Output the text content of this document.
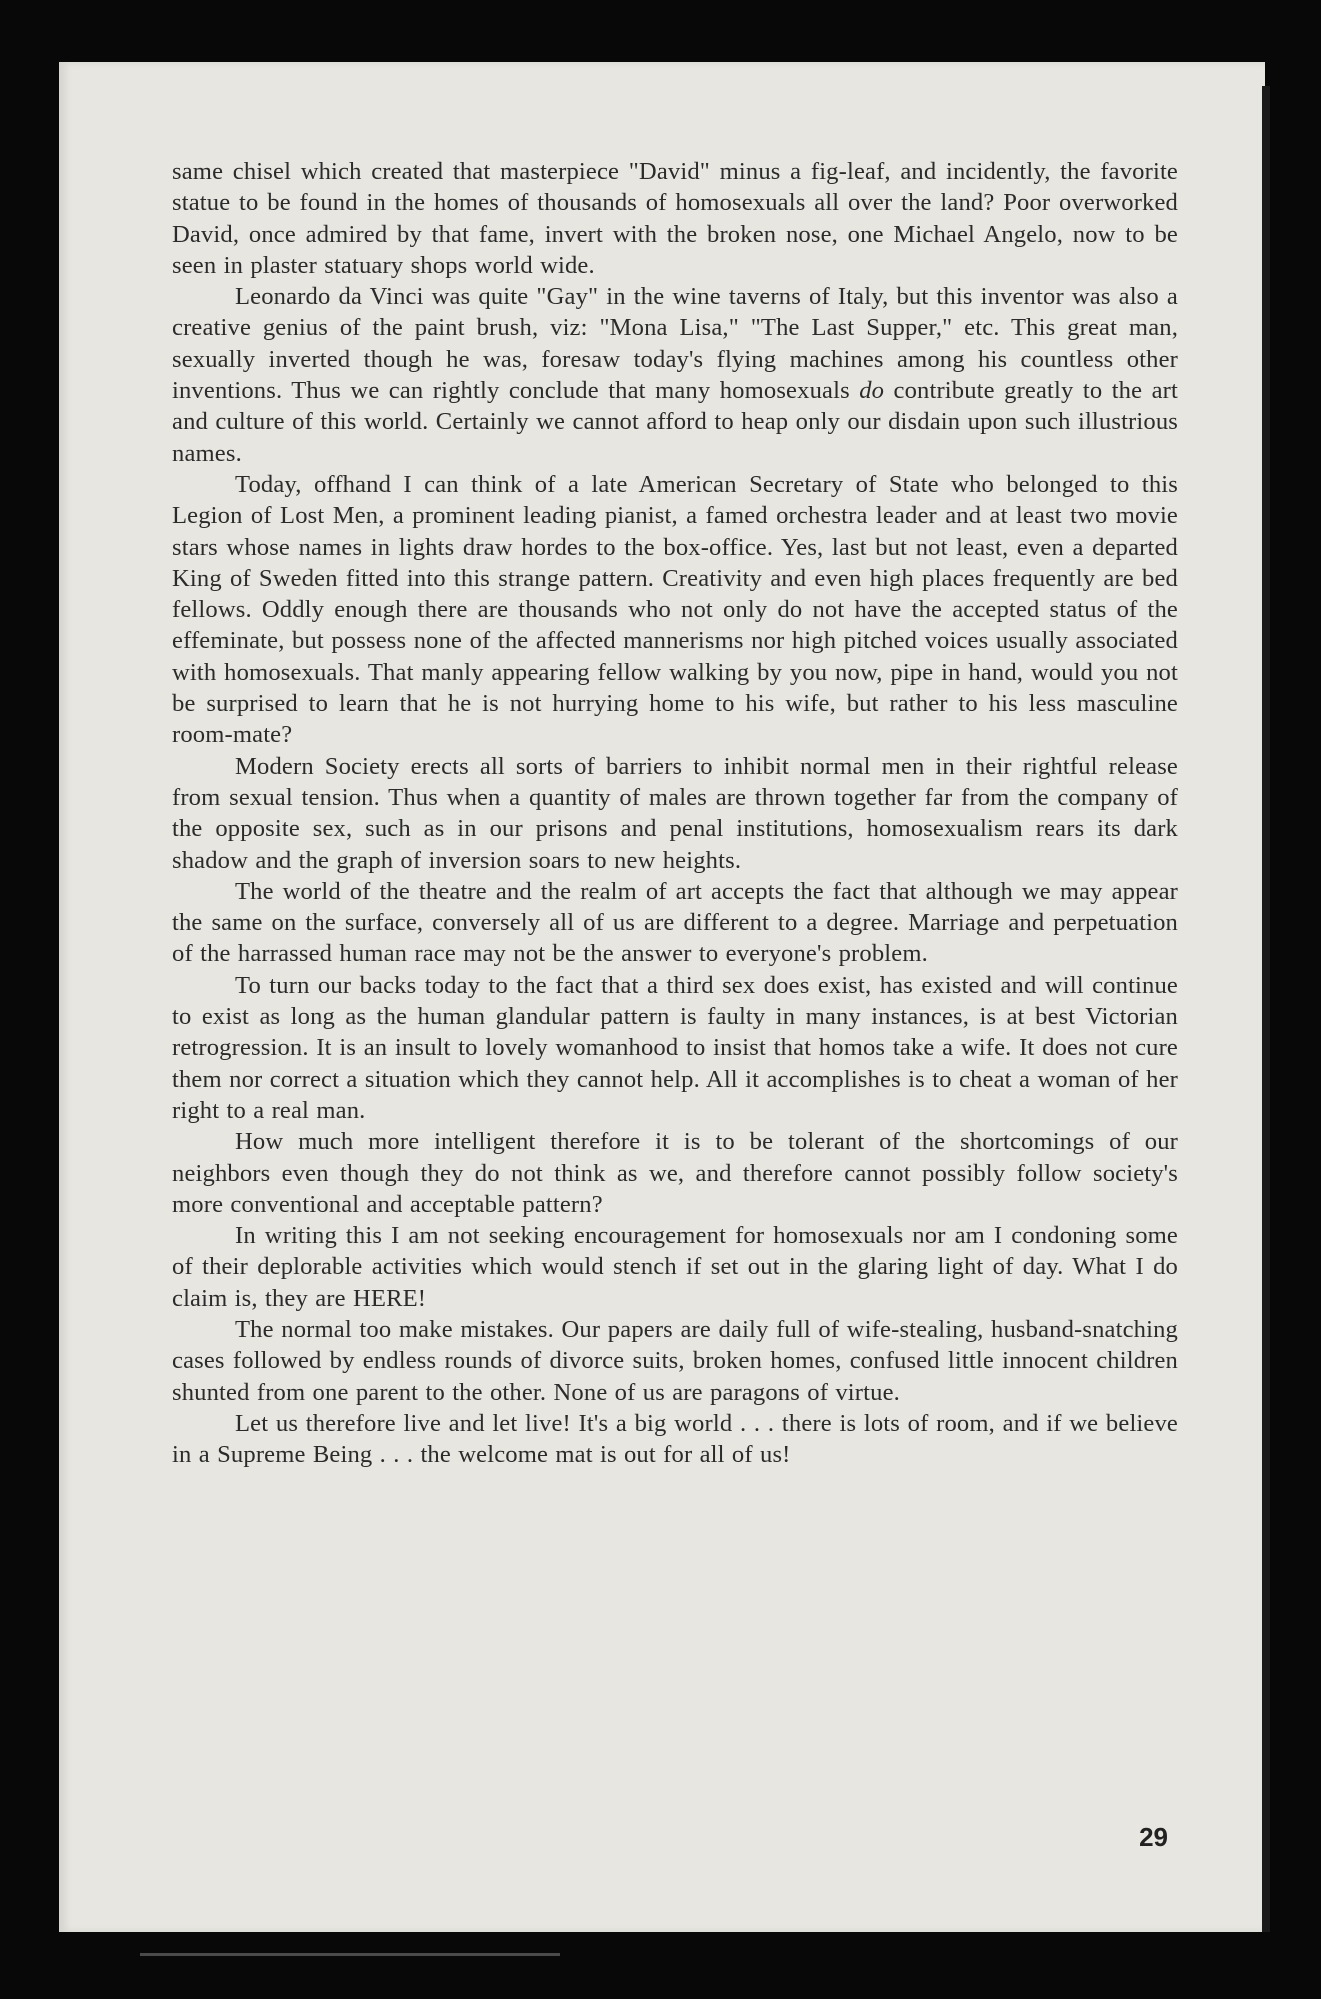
same chisel which created that masterpiece "David" minus a fig-leaf, and incidently, the favorite statue to be found in the homes of thousands of homosexuals all over the land? Poor overworked David, once admired by that fame, invert with the broken nose, one Michael Angelo, now to be seen in plaster statuary shops world wide.

Leonardo da Vinci was quite "Gay" in the wine taverns of Italy, but this inventor was also a creative genius of the paint brush, viz: "Mona Lisa," "The Last Supper," etc. This great man, sexually inverted though he was, foresaw today's flying machines among his countless other inventions. Thus we can rightly conclude that many homosexuals do contribute greatly to the art and culture of this world. Certainly we cannot afford to heap only our disdain upon such illustrious names.

Today, offhand I can think of a late American Secretary of State who belonged to this Legion of Lost Men, a prominent leading pianist, a famed orchestra leader and at least two movie stars whose names in lights draw hordes to the box-office. Yes, last but not least, even a departed King of Sweden fitted into this strange pattern. Creativity and even high places frequently are bed fellows. Oddly enough there are thousands who not only do not have the accepted status of the effeminate, but possess none of the affected mannerisms nor high pitched voices usually associated with homosexuals. That manly appearing fellow walking by you now, pipe in hand, would you not be surprised to learn that he is not hurrying home to his wife, but rather to his less masculine room-mate?

Modern Society erects all sorts of barriers to inhibit normal men in their rightful release from sexual tension. Thus when a quantity of males are thrown together far from the company of the opposite sex, such as in our prisons and penal institutions, homosexualism rears its dark shadow and the graph of inversion soars to new heights.

The world of the theatre and the realm of art accepts the fact that although we may appear the same on the surface, conversely all of us are different to a degree. Marriage and perpetuation of the harrassed human race may not be the answer to everyone's problem.

To turn our backs today to the fact that a third sex does exist, has existed and will continue to exist as long as the human glandular pattern is faulty in many instances, is at best Victorian retrogression. It is an insult to lovely womanhood to insist that homos take a wife. It does not cure them nor correct a situation which they cannot help. All it accomplishes is to cheat a woman of her right to a real man.

How much more intelligent therefore it is to be tolerant of the shortcomings of our neighbors even though they do not think as we, and therefore cannot possibly follow society's more conventional and acceptable pattern?

In writing this I am not seeking encouragement for homosexuals nor am I condoning some of their deplorable activities which would stench if set out in the glaring light of day. What I do claim is, they are HERE!

The normal too make mistakes. Our papers are daily full of wife-stealing, husband-snatching cases followed by endless rounds of divorce suits, broken homes, confused little innocent children shunted from one parent to the other. None of us are paragons of virtue.

Let us therefore live and let live! It's a big world . . . there is lots of room, and if we believe in a Supreme Being . . . the welcome mat is out for all of us!

29
